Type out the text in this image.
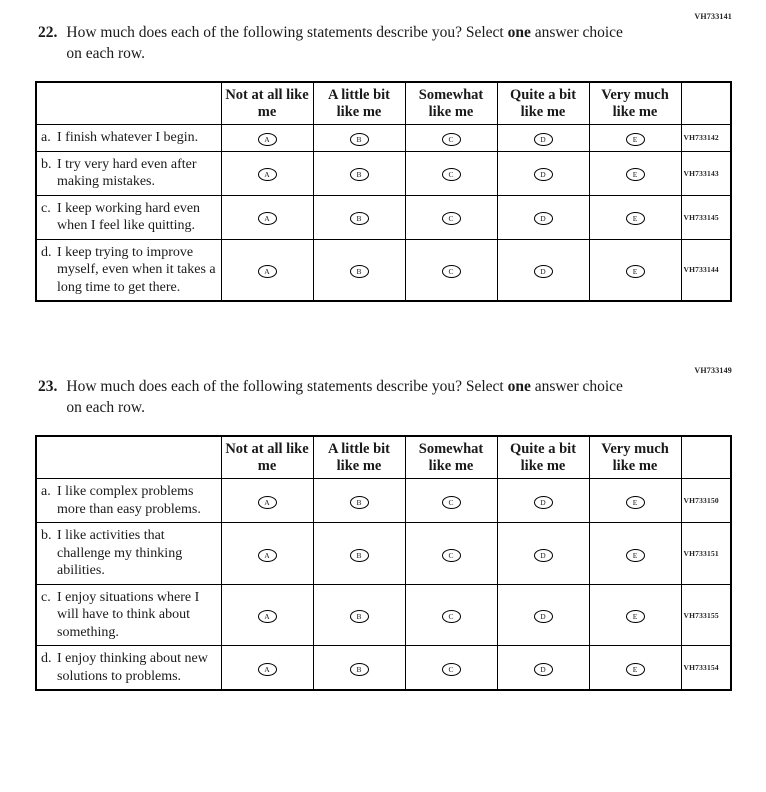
VH733141
22. How much does each of the following statements describe you? Select one answer choice on each row.
	Not at all like me	A little bit like me	Somewhat like me	Quite a bit like me	Very much like me	

a. I finish whatever I begin.	A	B	C	D	E	VH733142

b. I try very hard even after making mistakes.	A	B	C	D	E	VH733143

c. I keep working hard even when I feel like quitting.	A	B	C	D	E	VH733145

d. I keep trying to improve myself, even when it takes a long time to get there.	A	B	C	D	E	VH733144
VH733149
23. How much does each of the following statements describe you? Select one answer choice on each row.
	Not at all like me	A little bit like me	Somewhat like me	Quite a bit like me	Very much like me	

a. I like complex problems more than easy problems.	A	B	C	D	E	VH733150

b. I like activities that challenge my thinking abilities.	A	B	C	D	E	VH733151

c. I enjoy situations where I will have to think about something.	A	B	C	D	E	VH733155

d. I enjoy thinking about new solutions to problems.	A	B	C	D	E	VH733154
